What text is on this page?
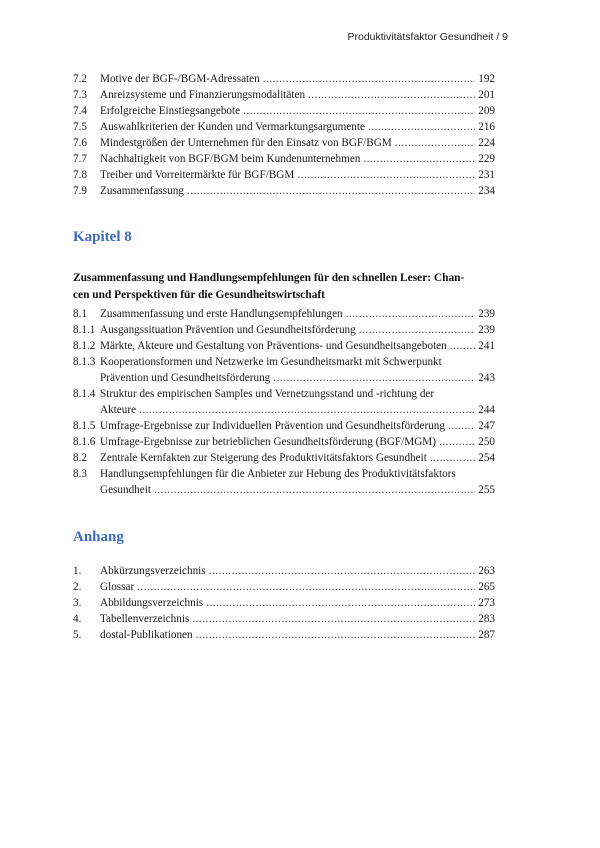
Produktivitätsfaktor Gesundheit / 9
7.2 Motive der BGF-/BGM-Adressaten .....	192
7.3 Anreizsysteme und Finanzierungsmodalitäten .....	201
7.4 Erfolgreiche Einstiegsangebote .....	209
7.5 Auswahlkriterien der Kunden und Vermarktungsargumente .....	216
7.6 Mindestgrößen der Unternehmen für den Einsatz von BGF/BGM .....	224
7.7 Nachhaltigkeit von BGF/BGM beim Kundenunternehmen .....	229
7.8 Treiber und Vorreitermärkte für BGF/BGM .....	231
7.9 Zusammenfassung .....	234
Kapitel 8
Zusammenfassung und Handlungsempfehlungen für den schnellen Leser: Chan-
cen und Perspektiven für die Gesundheitswirtschaft
8.1 Zusammenfassung und erste Handlungsempfehlungen .....	239
8.1.1 Ausgangssituation Prävention und Gesundheitsförderung .....	239
8.1.2 Märkte, Akteure und Gestaltung von Präventions- und Gesundheitsangeboten .....	241
8.1.3 Kooperationsformen und Netzwerke im Gesundheitsmarkt mit Schwerpunkt
Prävention und Gesundheitsförderung .....	243
8.1.4 Struktur des empirischen Samples und Vernetzungsstand und -richtung der
Akteure .....	244
8.1.5 Umfrage-Ergebnisse zur Individuellen Prävention und Gesundheitsförderung .....	247
8.1.6 Umfrage-Ergebnisse zur betrieblichen Gesundheitsförderung (BGF/MGM) .....	250
8.2 Zentrale Kernfakten zur Steigerung des Produktivitätsfaktors Gesundheit .....	254
8.3 Handlungsempfehlungen für die Anbieter zur Hebung des Produktivitätsfaktors
Gesundheit .....	255
Anhang
1. Abkürzungsverzeichnis .....	263
2. Glossar .....	265
3. Abbildungsverzeichnis .....	273
4. Tabellenverzeichnis .....	283
5. dostal-Publikationen .....	287
